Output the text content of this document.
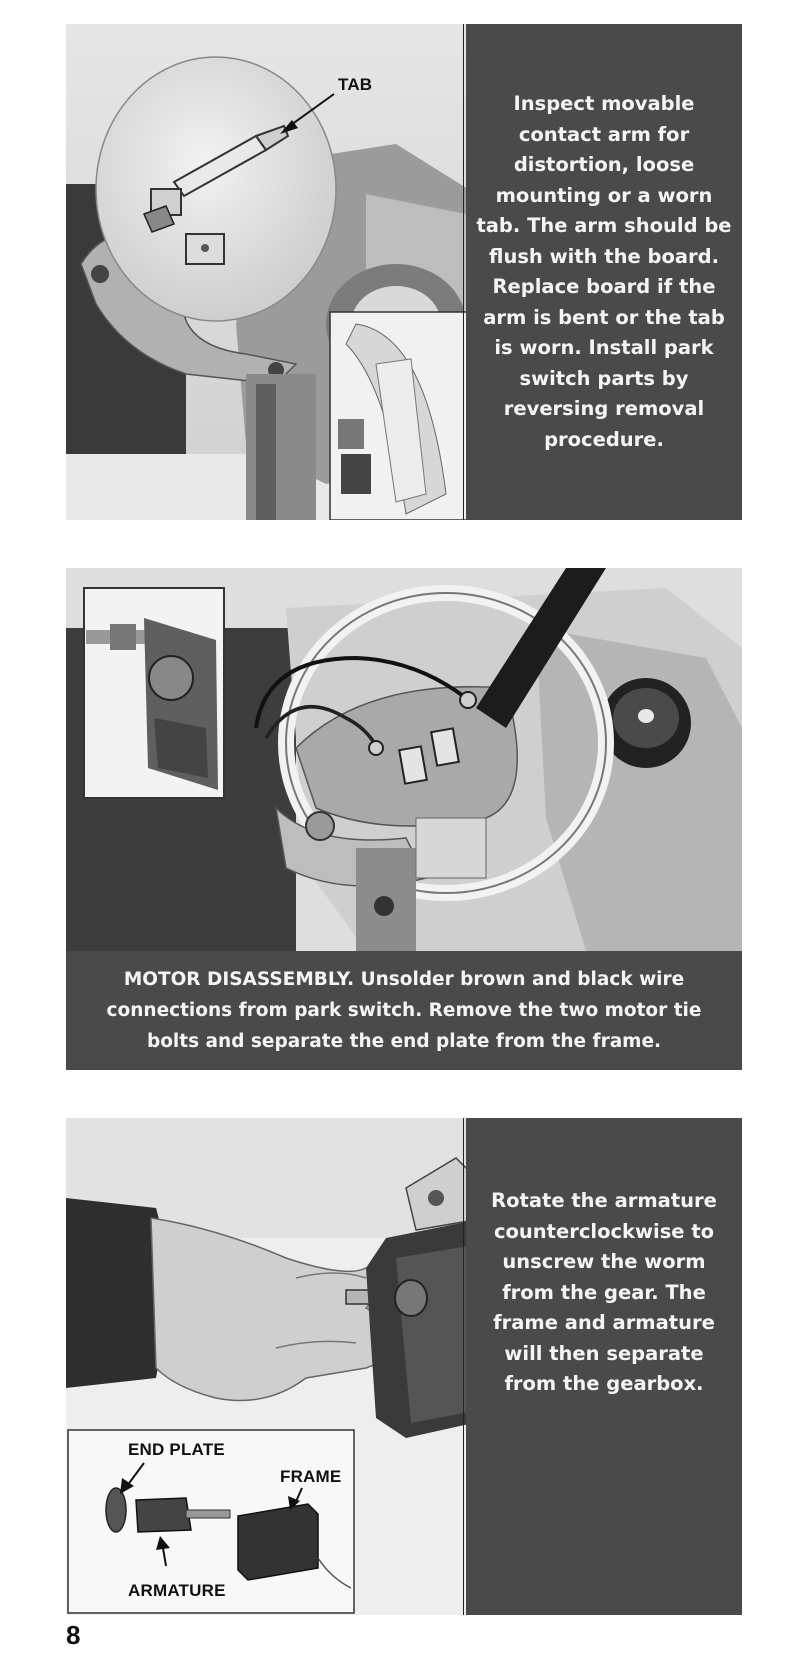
TAB
Inspect movable contact arm for distortion, loose mounting or a worn tab. The arm should be flush with the board. Replace board if the arm is bent or the tab is worn. Install park switch parts by reversing removal procedure.
MOTOR DISASSEMBLY. Unsolder brown and black wire connections from park switch. Remove the two motor tie bolts and separate the end plate from the frame.
END PLATE
FRAME
ARMATURE
Rotate the armature counterclockwise to unscrew the worm from the gear. The frame and armature will then separate from the gearbox.
8
